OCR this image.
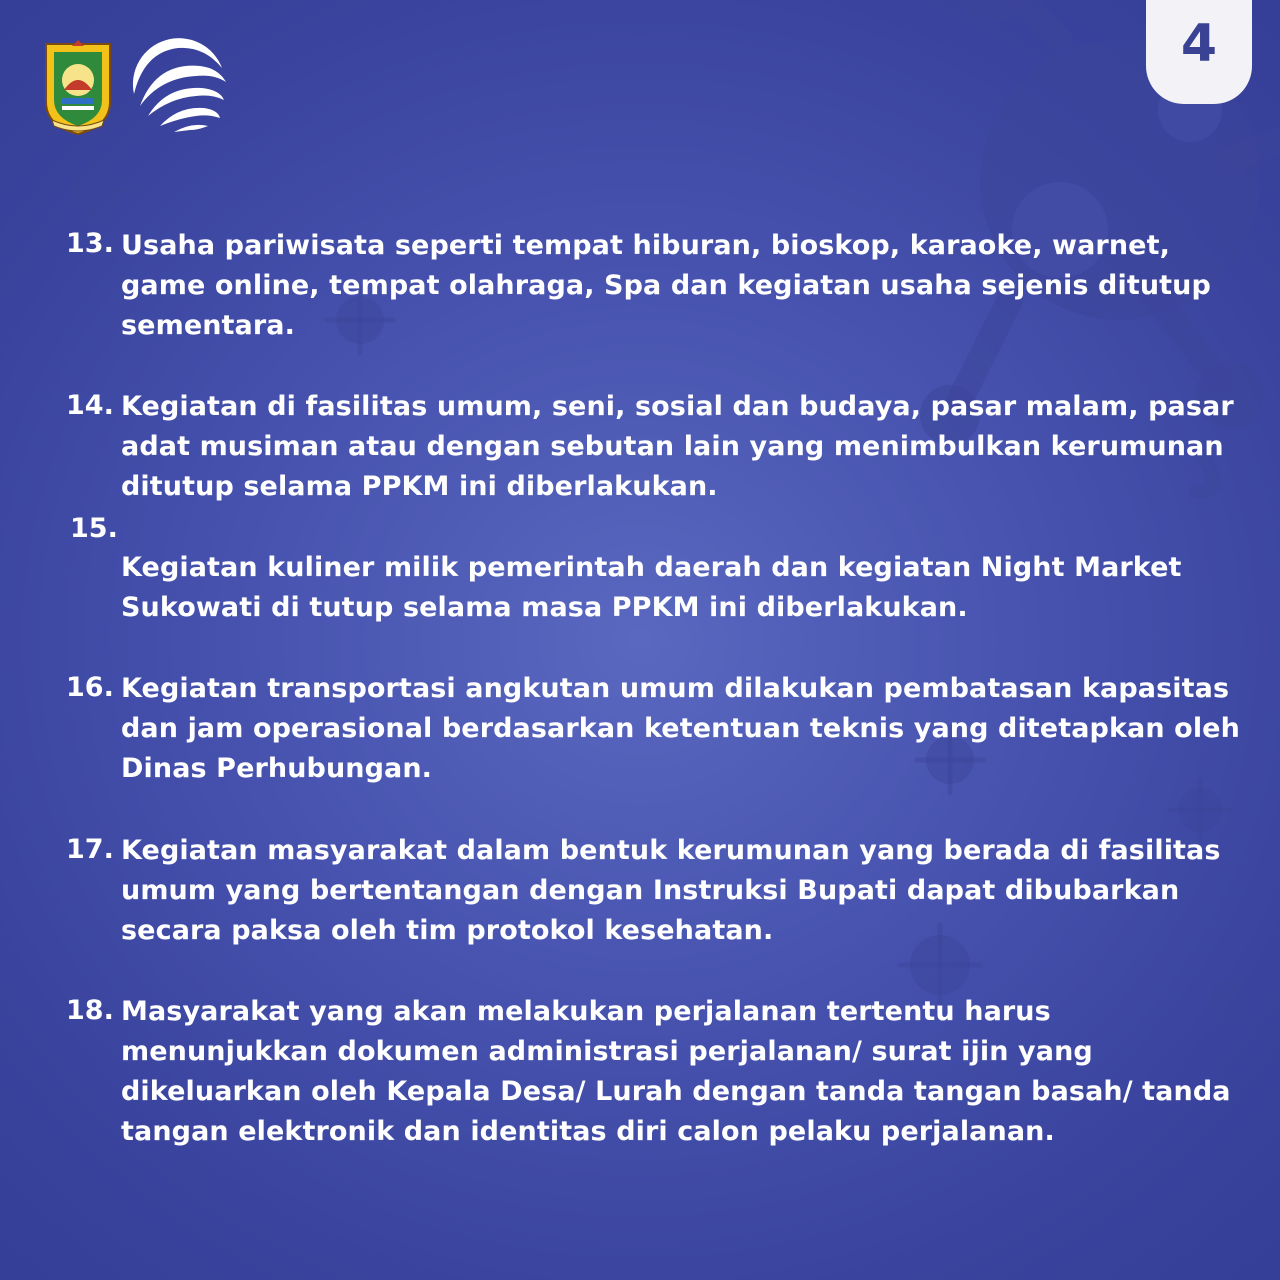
4
13. Usaha pariwisata seperti tempat hiburan, bioskop, karaoke, warnet,
game online, tempat olahraga, Spa dan kegiatan usaha sejenis ditutup
sementara.
14. Kegiatan di fasilitas umum, seni, sosial dan budaya, pasar malam, pasar
adat musiman atau dengan sebutan lain yang menimbulkan kerumunan
ditutup selama PPKM ini diberlakukan.
15.
Kegiatan kuliner milik pemerintah daerah dan kegiatan Night Market
Sukowati di tutup selama masa PPKM ini diberlakukan.
16. Kegiatan transportasi angkutan umum dilakukan pembatasan kapasitas
dan jam operasional berdasarkan ketentuan teknis yang ditetapkan oleh
Dinas Perhubungan.
17. Kegiatan masyarakat dalam bentuk kerumunan yang berada di fasilitas
umum yang bertentangan dengan Instruksi Bupati dapat dibubarkan
secara paksa oleh tim protokol kesehatan.
18. Masyarakat yang akan melakukan perjalanan tertentu harus
menunjukkan dokumen administrasi perjalanan/ surat ijin yang
dikeluarkan oleh Kepala Desa/ Lurah dengan tanda tangan basah/ tanda
tangan elektronik dan identitas diri calon pelaku perjalanan.
